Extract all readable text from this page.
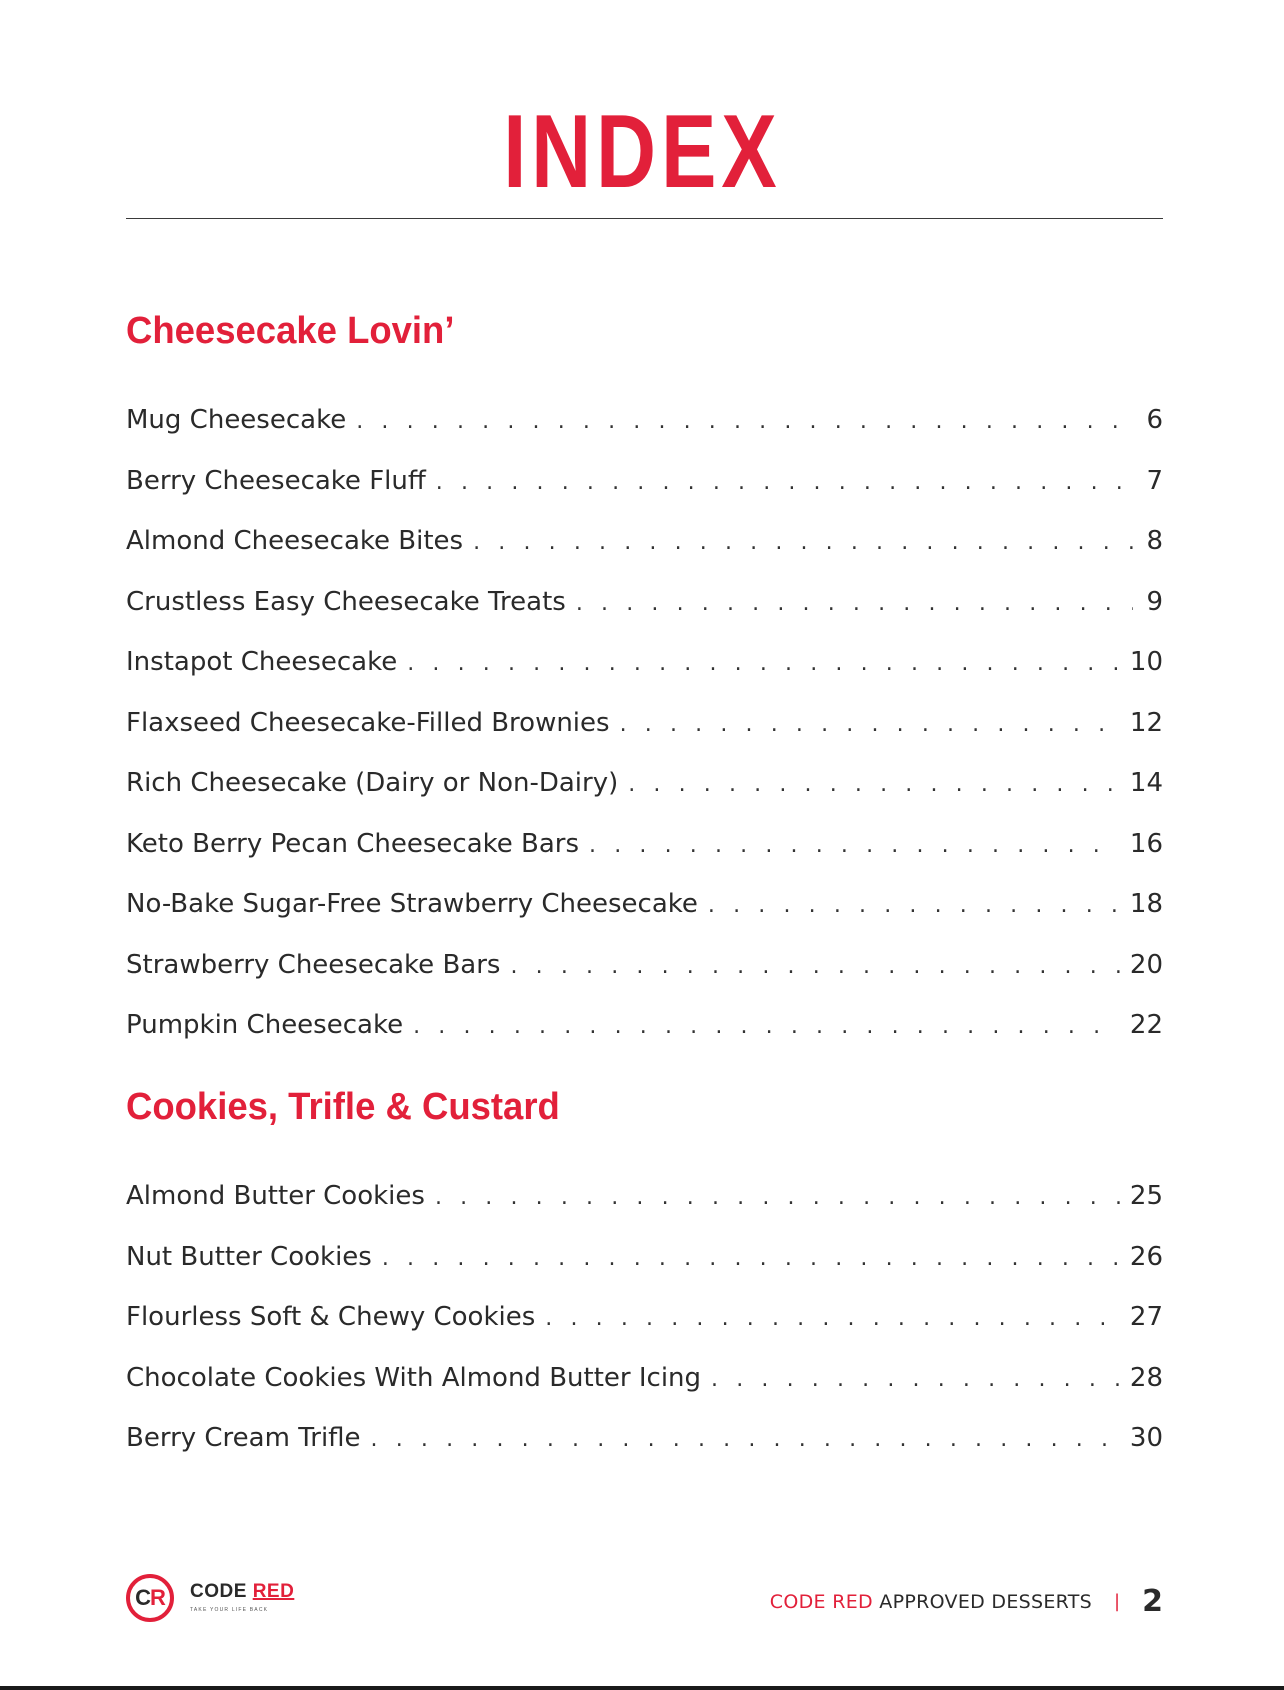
INDEX
Cheesecake Lovin’
Mug Cheesecake . . .	6
Berry Cheesecake Fluff . . .	7
Almond Cheesecake Bites . . .	8
Crustless Easy Cheesecake Treats . . .	9
Instapot Cheesecake . . .	10
Flaxseed Cheesecake-Filled Brownies . . .	12
Rich Cheesecake (Dairy or Non-Dairy) . . .	14
Keto Berry Pecan Cheesecake Bars . . .	16
No-Bake Sugar-Free Strawberry Cheesecake . . .	18
Strawberry Cheesecake Bars . . .	20
Pumpkin Cheesecake . . .	22
Cookies, Trifle & Custard
Almond Butter Cookies . . .	25
Nut Butter Cookies . . .	26
Flourless Soft & Chewy Cookies . . .	27
Chocolate Cookies With Almond Butter Icing . . .	28
Berry Cream Trifle . . .	30
CR	CODE RED
TAKE YOUR LIFE BACK	CODE RED APPROVED DESSERTS | 2
